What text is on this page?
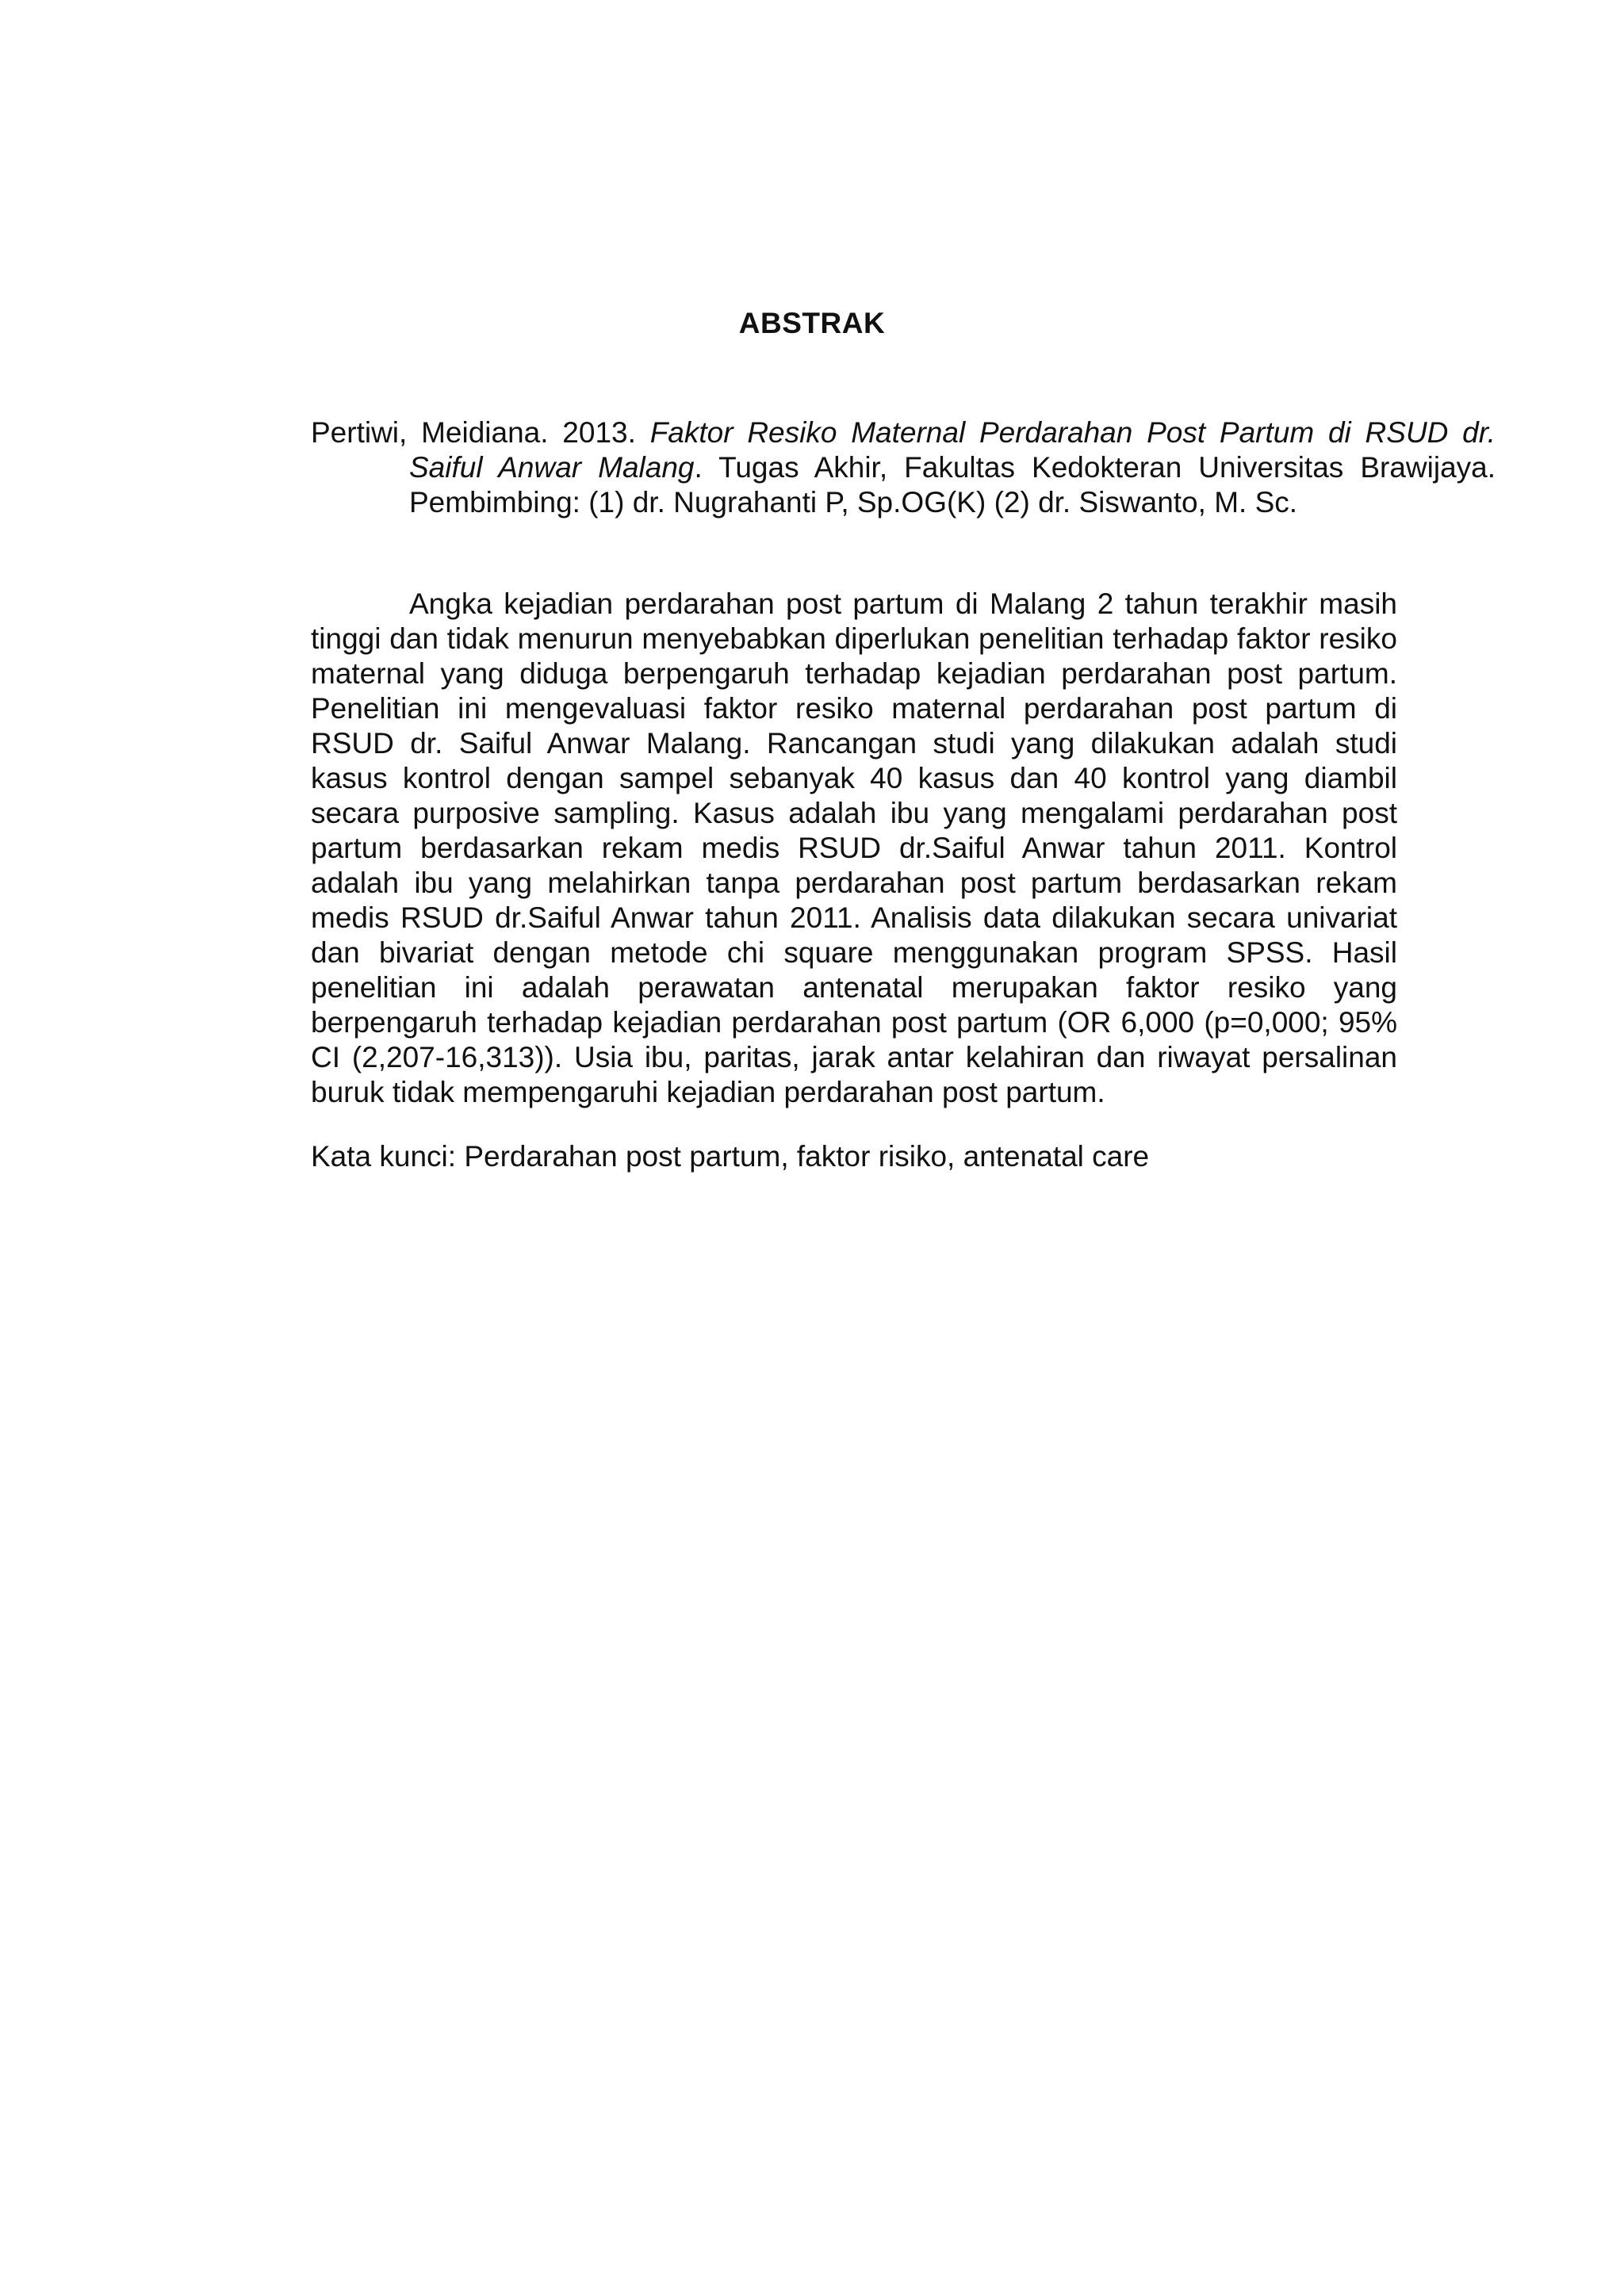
ABSTRAK

Pertiwi, Meidiana. 2013. Faktor Resiko Maternal Perdarahan Post Partum di RSUD dr. Saiful Anwar Malang. Tugas Akhir, Fakultas Kedokteran Universitas Brawijaya. Pembimbing: (1) dr. Nugrahanti P, Sp.OG(K) (2) dr. Siswanto, M. Sc.

Angka kejadian perdarahan post partum di Malang 2 tahun terakhir masih tinggi dan tidak menurun menyebabkan diperlukan penelitian terhadap faktor resiko maternal yang diduga berpengaruh terhadap kejadian perdarahan post partum. Penelitian ini mengevaluasi faktor resiko maternal perdarahan post partum di RSUD dr. Saiful Anwar Malang. Rancangan studi yang dilakukan adalah studi kasus kontrol dengan sampel sebanyak 40 kasus dan 40 kontrol yang diambil secara purposive sampling. Kasus adalah ibu yang mengalami perdarahan post partum berdasarkan rekam medis RSUD dr.Saiful Anwar tahun 2011. Kontrol adalah ibu yang melahirkan tanpa perdarahan post partum berdasarkan rekam medis RSUD dr.Saiful Anwar tahun 2011. Analisis data dilakukan secara univariat dan bivariat dengan metode chi square menggunakan program SPSS. Hasil penelitian ini adalah perawatan antenatal merupakan faktor resiko yang berpengaruh terhadap kejadian perdarahan post partum (OR 6,000 (p=0,000; 95% CI (2,207-16,313)). Usia ibu, paritas, jarak antar kelahiran dan riwayat persalinan buruk tidak mempengaruhi kejadian perdarahan post partum.

Kata kunci: Perdarahan post partum, faktor risiko, antenatal care
